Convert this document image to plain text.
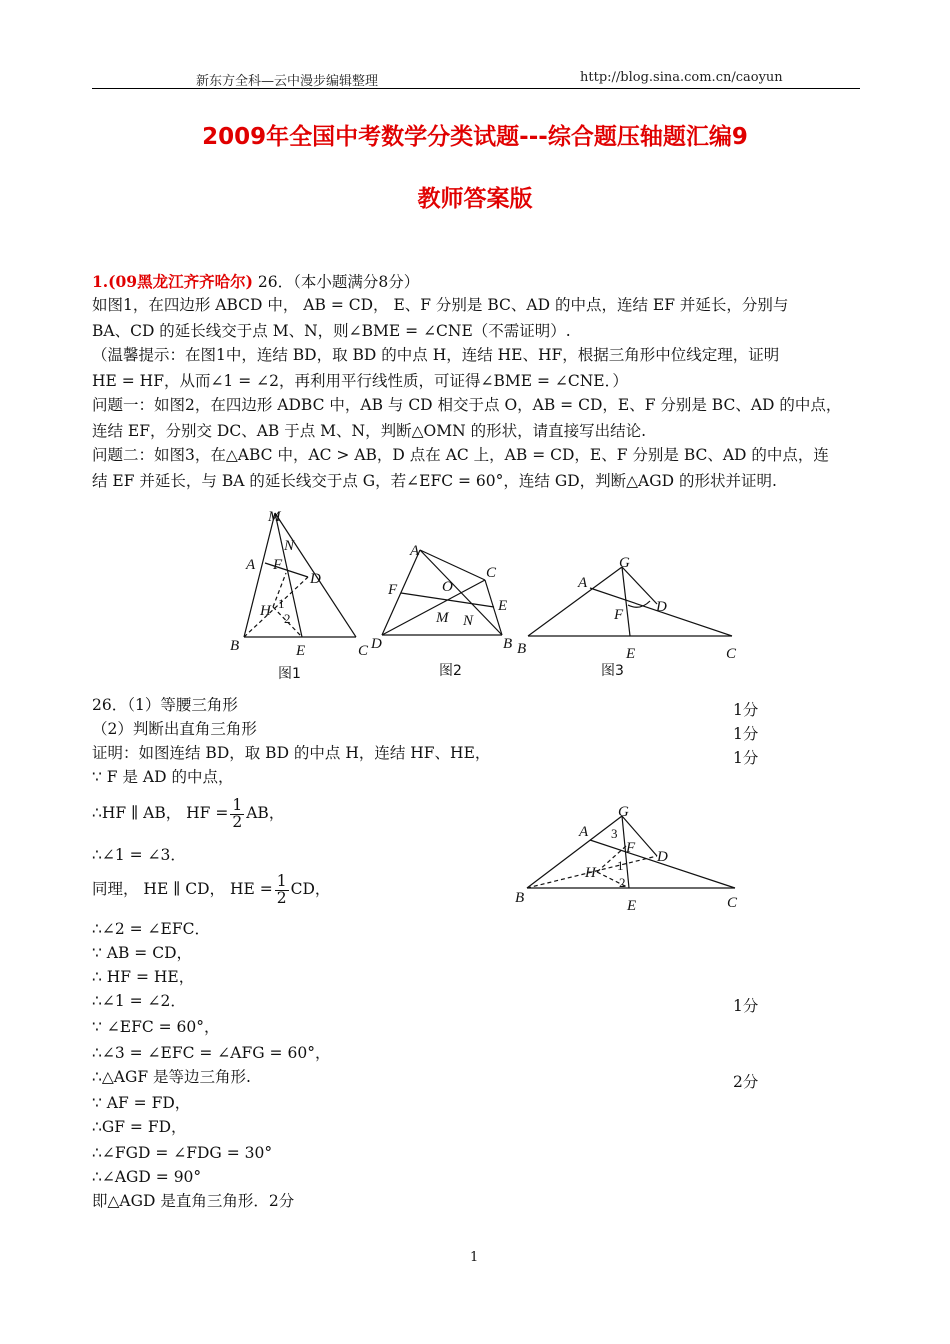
新东方全科—云中漫步编辑整理	http://blog.sina.com.cn/caoyun
2009年全国中考数学分类试题---综合题压轴题汇编9
教师答案版
1.(09黑龙江齐齐哈尔) 26．（本小题满分8分）
如图1，在四边形 ABCD 中， AB = CD， E、F 分别是 BC、AD 的中点，连结 EF 并延长，分别与
BA、CD 的延长线交于点 M、N，则∠BME = ∠CNE（不需证明）.
（温馨提示：在图1中，连结 BD，取 BD 的中点 H，连结 HE、HF，根据三角形中位线定理，证明
HE = HF，从而∠1 = ∠2，再利用平行线性质，可证得∠BME = ∠CNE．）
问题一：如图2，在四边形 ADBC 中，AB 与 CD 相交于点 O，AB = CD，E、F 分别是 BC、AD 的中点，
连结 EF，分别交 DC、AB 于点 M、N，判断△OMN 的形状，请直接写出结论.
问题二：如图3，在△ABC 中，AC > AB，D 点在 AC 上，AB = CD，E、F 分别是 BC、AD 的中点，连
结 EF 并延长，与 BA 的延长线交于点 G，若∠EFC = 60°，连结 GD，判断△AGD 的形状并证明.
M
N
A F
D
H 1
2
B	E	C
图1
A
C
F	O
E
M N
D	B
图2
G
A
D
F
B	E	C
图3
26．（1）等腰三角形	1分
（2）判断出直角三角形	1分
证明：如图连结 BD，取 BD 的中点 H，连结 HF、HE，	1分
∵ F 是 AD 的中点，
∴HF ∥ AB， HF = $\frac{1}{2}$ AB，
∴∠1 = ∠3．
同理， HE ∥ CD， HE = $\frac{1}{2}$ CD，
∴∠2 = ∠EFC．
∵ AB = CD，
∴ HF = HE，
∴∠1 = ∠2．	1分
∵ ∠EFC = 60°，
∴∠3 = ∠EFC = ∠AFG = 60°，
∴△AGF 是等边三角形.	2分
∵ AF = FD，
∴GF = FD，
∴∠FGD = ∠FDG = 30°
∴∠AGD = 90°
即△AGD 是直角三角形．2分
G
A 3
F
D
H 1
2
B	E	C
1
